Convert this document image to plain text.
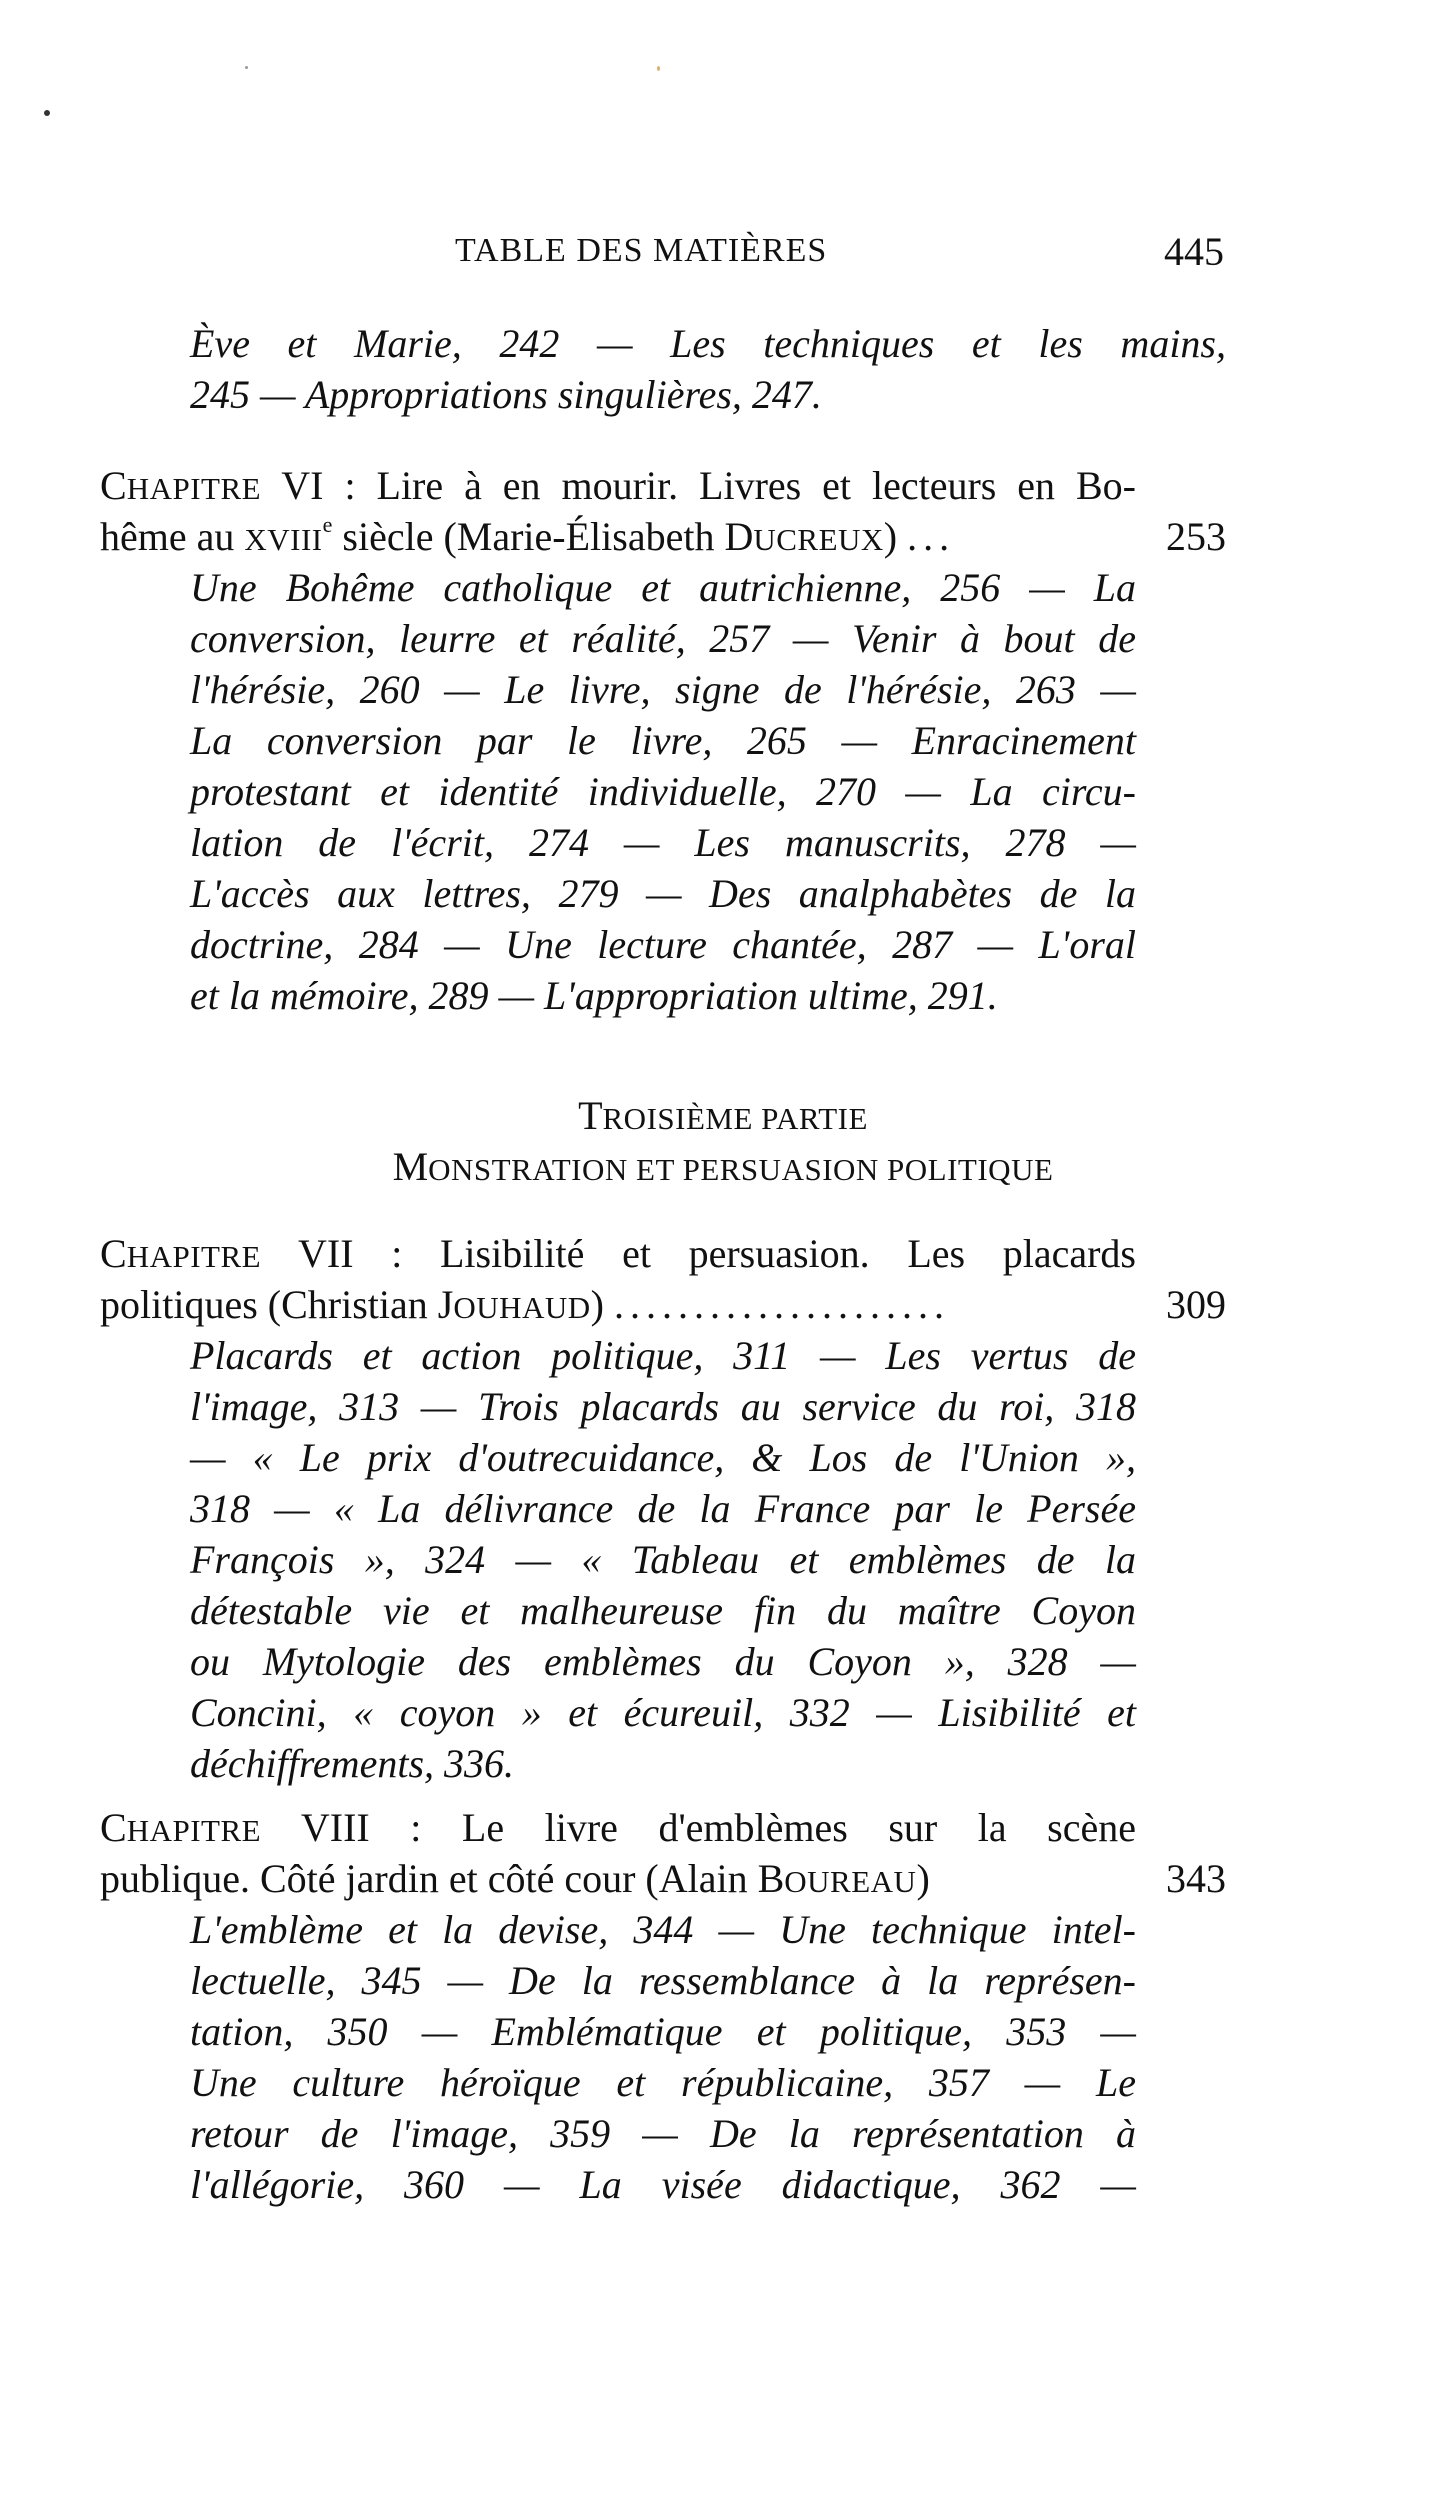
TABLE DES MATIÈRES	445
Ève et Marie, 242 — Les techniques et les mains,
245 — Appropriations singulières, 247.
CHAPITRE VI : Lire à en mourir. Livres et lecteurs en Bo-
hême au XVIIIe siècle (Marie-Élisabeth DUCREUX) ...	253
Une Bohême catholique et autrichienne, 256 — La
conversion, leurre et réalité, 257 — Venir à bout de
l'hérésie, 260 — Le livre, signe de l'hérésie, 263 —
La conversion par le livre, 265 — Enracinement
protestant et identité individuelle, 270 — La circu-
lation de l'écrit, 274 — Les manuscrits, 278 —
L'accès aux lettres, 279 — Des analphabètes de la
doctrine, 284 — Une lecture chantée, 287 — L'oral
et la mémoire, 289 — L'appropriation ultime, 291.
TROISIÈME PARTIE
MONSTRATION ET PERSUASION POLITIQUE
CHAPITRE VII : Lisibilité et persuasion. Les placards
politiques (Christian JOUHAUD) .....................	309
Placards et action politique, 311 — Les vertus de
l'image, 313 — Trois placards au service du roi, 318
— « Le prix d'outrecuidance, & Los de l'Union »,
318 — « La délivrance de la France par le Persée
François », 324 — « Tableau et emblèmes de la
détestable vie et malheureuse fin du maître Coyon
ou Mytologie des emblèmes du Coyon », 328 —
Concini, « coyon » et écureuil, 332 — Lisibilité et
déchiffrements, 336.
CHAPITRE VIII : Le livre d'emblèmes sur la scène
publique. Côté jardin et côté cour (Alain BOUREAU)	343
L'emblème et la devise, 344 — Une technique intel-
lectuelle, 345 — De la ressemblance à la représen-
tation, 350 — Emblématique et politique, 353 —
Une culture héroïque et républicaine, 357 — Le
retour de l'image, 359 — De la représentation à
l'allégorie, 360 — La visée didactique, 362 —
